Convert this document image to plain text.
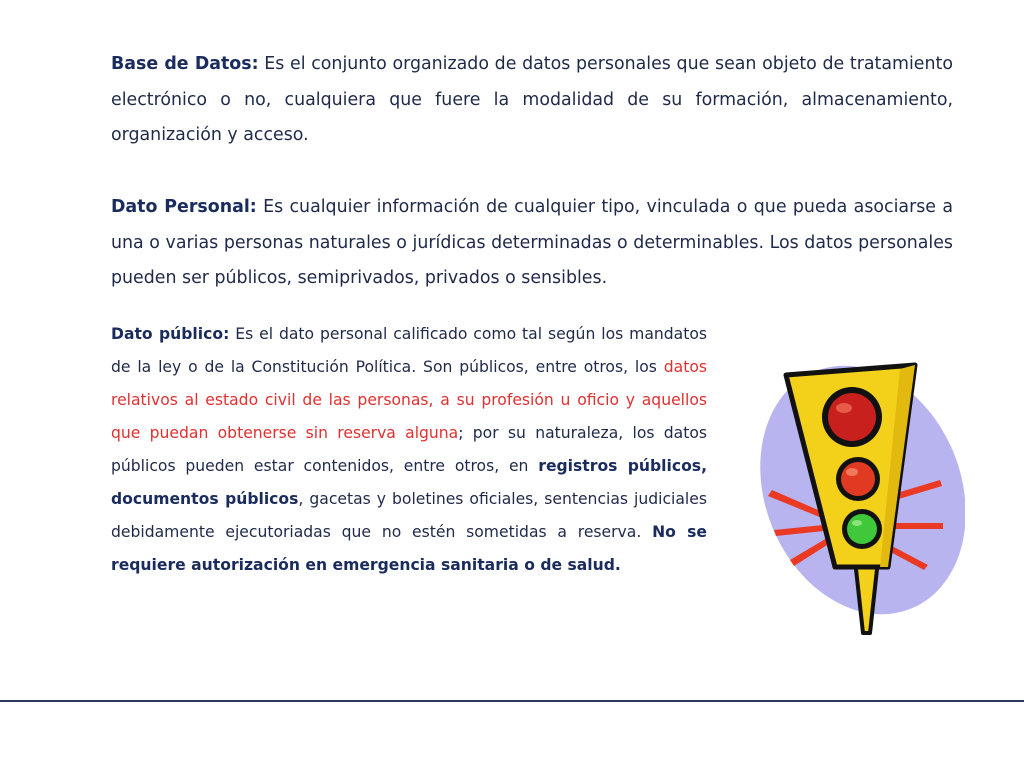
Base de Datos: Es el conjunto organizado de datos personales que sean objeto de tratamiento electrónico o no, cualquiera que fuere la modalidad de su formación, almacenamiento, organización y acceso.

Dato Personal: Es cualquier información de cualquier tipo, vinculada o que pueda asociarse a una o varias personas naturales o jurídicas determinadas o determinables. Los datos personales pueden ser públicos, semiprivados, privados o sensibles.

Dato público: Es el dato personal calificado como tal según los mandatos de la ley o de la Constitución Política. Son públicos, entre otros, los datos relativos al estado civil de las personas, a su profesión u oficio y aquellos que puedan obtenerse sin reserva alguna; por su naturaleza, los datos públicos pueden estar contenidos, entre otros, en registros públicos, documentos públicos, gacetas y boletines oficiales, sentencias judiciales debidamente ejecutoriadas que no estén sometidas a reserva. No se requiere autorización en emergencia sanitaria o de salud.
